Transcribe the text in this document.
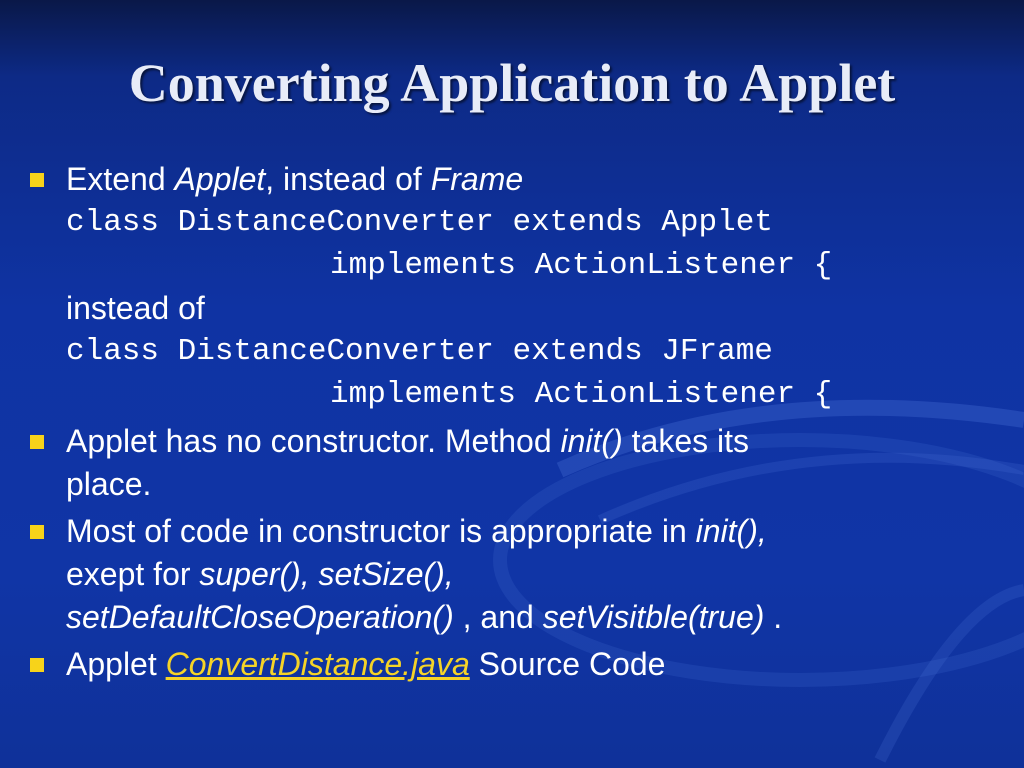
Converting Application to Applet
Extend Applet, instead of Frame
class DistanceConverter extends Applet
implements ActionListener {
instead of
class DistanceConverter extends JFrame
implements ActionListener {
Applet has no constructor. Method init() takes its
place.
Most of code in constructor is appropriate in init(),
exept for super(), setSize(),
setDefaultCloseOperation() , and setVisitble(true) .
Applet ConvertDistance.java Source Code
